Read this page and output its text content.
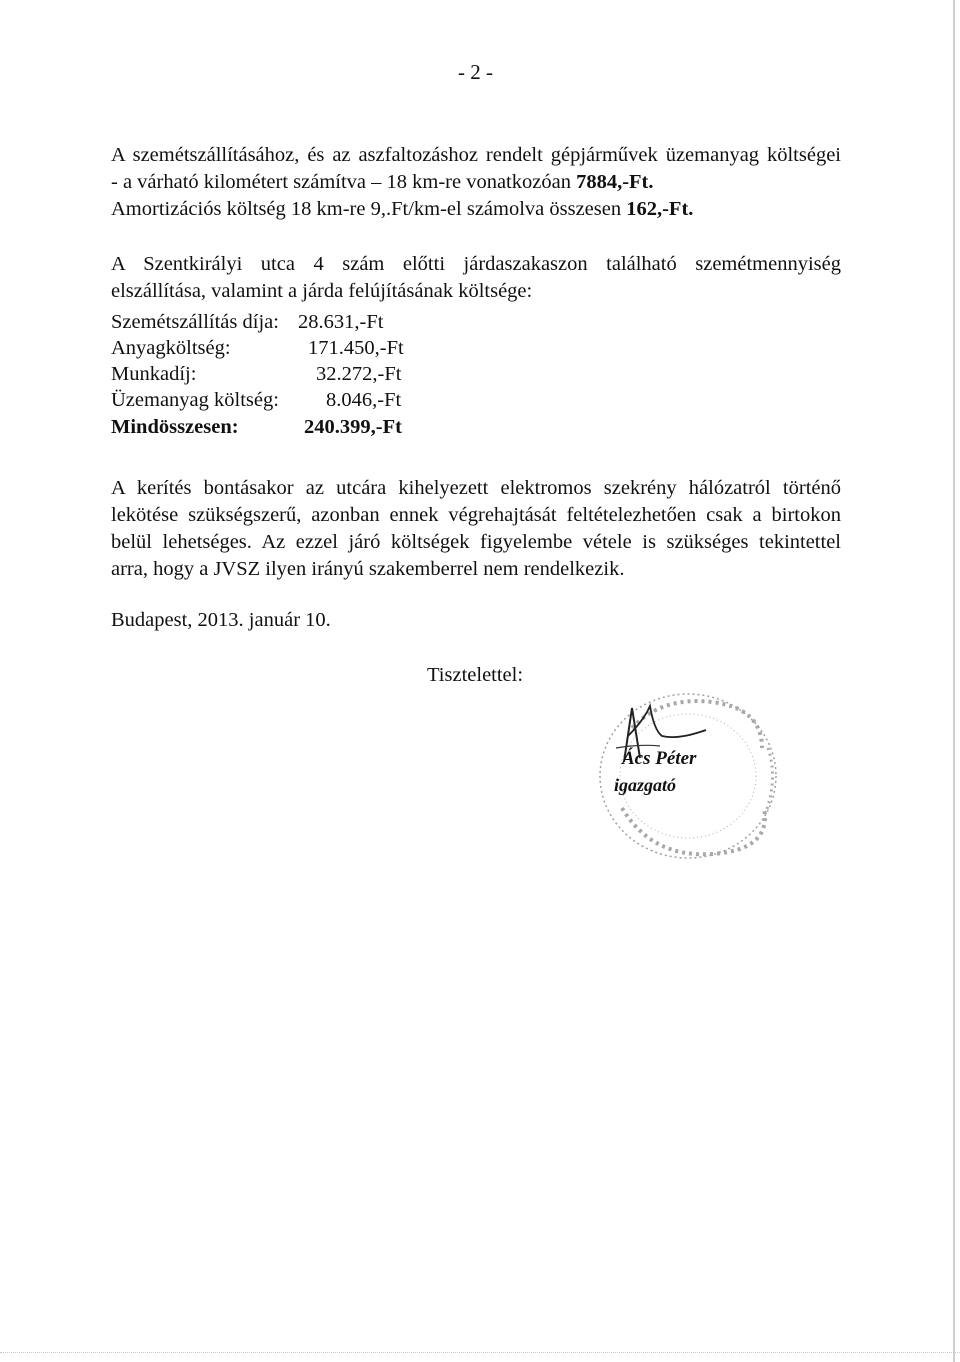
- 2 -

A szemétszállításához, és az aszfaltozáshoz rendelt gépjárművek üzemanyag költségei

- a várható kilométert számítva – 18 km-re vonatkozóan 7884,-Ft.

Amortizációs költség 18 km-re 9,.Ft/km-el számolva összesen 162,-Ft.

A Szentkirályi utca 4 szám előtti járdaszakaszon található szemétmennyiség

elszállítása, valamint a járda felújításának költsége:

Szemétszállítás díja: 28.631,-Ft
Anyagköltség:	171.450,-Ft
Munkadíj:	32.272,-Ft
Üzemanyag költség: 8.046,-Ft
Mindösszesen:	240.399,-Ft

A kerítés bontásakor az utcára kihelyezett elektromos szekrény hálózatról történő

lekötése szükségszerű, azonban ennek végrehajtását feltételezhetően csak a birtokon

belül lehetséges. Az ezzel járó költségek figyelembe vétele is szükséges tekintettel

arra, hogy a JVSZ ilyen irányú szakemberrel nem rendelkezik.

Budapest, 2013. január 10.
Tisztelettel:
Ács Péter
igazgató
